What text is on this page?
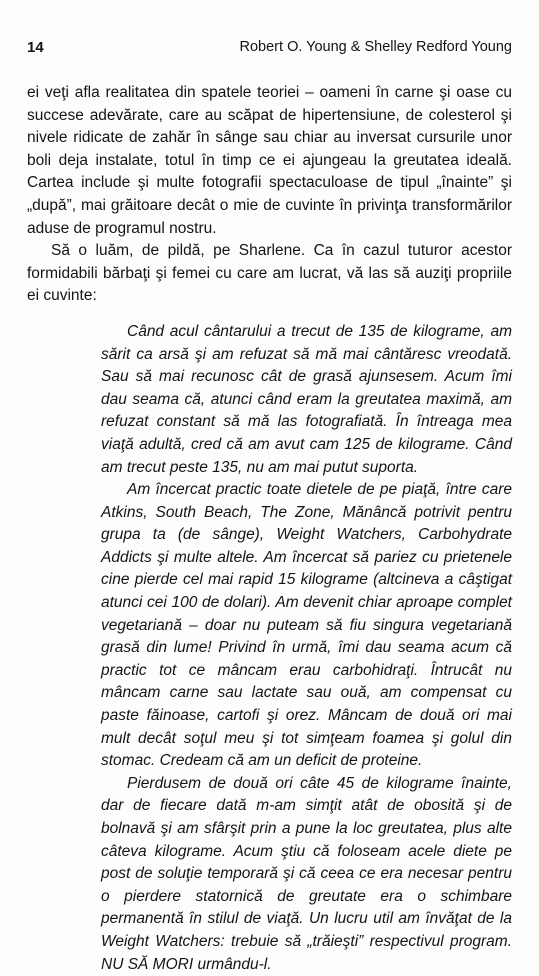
14	Robert O. Young & Shelley Redford Young

ei veţi afla realitatea din spatele teoriei – oameni în carne şi oase cu succese adevărate, care au scăpat de hipertensiune, de colesterol şi nivele ridicate de zahăr în sânge sau chiar au inversat cursurile unor boli deja instalate, totul în timp ce ei ajungeau la greutatea ideală. Cartea include şi multe fotografii spectaculoase de tipul „înainte” şi „după”, mai grăitoare decât o mie de cuvinte în privinţa transformărilor aduse de programul nostru.

Să o luăm, de pildă, pe Sharlene. Ca în cazul tuturor acestor formidabili bărbaţi şi femei cu care am lucrat, vă las să auziţi propriile ei cuvinte:

Când acul cântarului a trecut de 135 de kilograme, am sărit ca arsă şi am refuzat să mă mai cântăresc vreodată. Sau să mai recunosc cât de grasă ajunsesem. Acum îmi dau seama că, atunci când eram la greutatea maximă, am refuzat constant să mă las fotografiată. În întreaga mea viaţă adultă, cred că am avut cam 125 de kilograme. Când am trecut peste 135, nu am mai putut suporta.

Am încercat practic toate dietele de pe piaţă, între care Atkins, South Beach, The Zone, Mănâncă potrivit pentru grupa ta (de sânge), Weight Watchers, Carbohydrate Addicts şi multe altele. Am încercat să pariez cu prietenele cine pierde cel mai rapid 15 kilograme (altcineva a câştigat atunci cei 100 de dolari). Am devenit chiar aproape complet vegetariană – doar nu puteam să fiu singura vegetariană grasă din lume! Privind în urmă, îmi dau seama acum că practic tot ce mâncam erau carbohidraţi. Întrucât nu mâncam carne sau lactate sau ouă, am compensat cu paste făinoase, cartofi şi orez. Mâncam de două ori mai mult decât soţul meu şi tot simţeam foamea şi golul din stomac. Credeam că am un deficit de proteine.

Pierdusem de două ori câte 45 de kilograme înainte, dar de fiecare dată m-am simţit atât de obosită şi de bolnavă şi am sfârşit prin a pune la loc greutatea, plus alte câteva kilograme. Acum ştiu că foloseam acele diete pe post de soluţie temporară şi că ceea ce era necesar pentru o pierdere statornică de greutate era o schimbare permanentă în stilul de viaţă. Un lucru util am învăţat de la Weight Watchers: trebuie să „trăieşti” respectivul program. NU SĂ MORI urmându-l.
